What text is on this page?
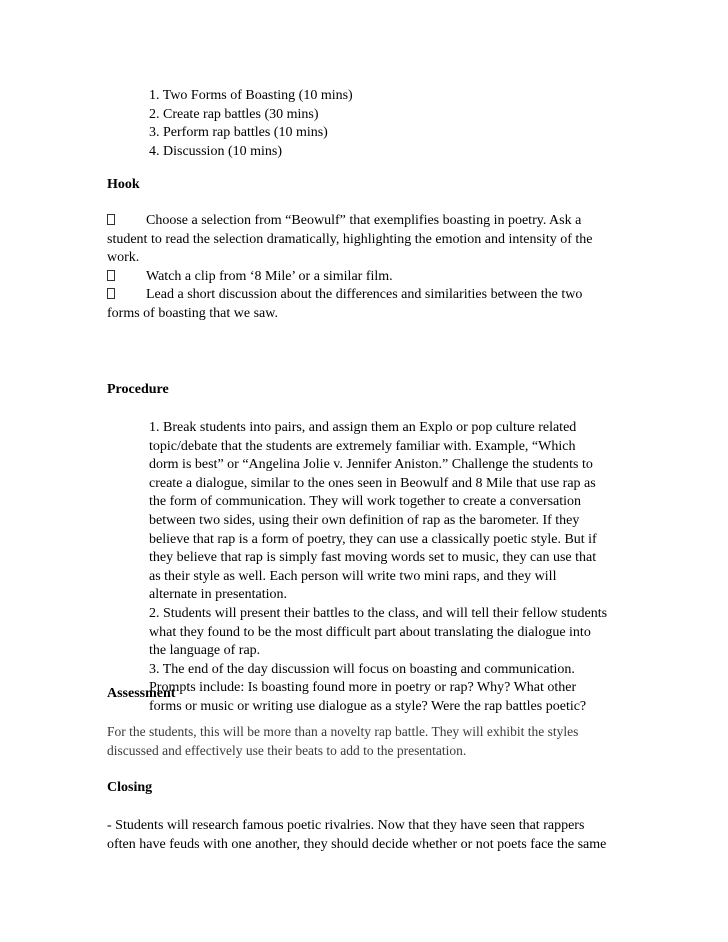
1. Two Forms of Boasting (10 mins)
2. Create rap battles (30 mins)
3. Perform rap battles (10 mins)
4. Discussion (10 mins)
Hook
Choose a selection from “Beowulf” that exemplifies boasting in poetry. Ask a
student to read the selection dramatically, highlighting the emotion and intensity of the
work.
Watch a clip from ‘8 Mile’ or a similar film.
Lead a short discussion about the differences and similarities between the two
forms of boasting that we saw.
Procedure
1. Break students into pairs, and assign them an Explo or pop culture related
topic/debate that the students are extremely familiar with. Example, “Which
dorm is best” or “Angelina Jolie v. Jennifer Aniston.” Challenge the students to
create a dialogue, similar to the ones seen in Beowulf and 8 Mile that use rap as
the form of communication. They will work together to create a conversation
between two sides, using their own definition of rap as the barometer. If they
believe that rap is a form of poetry, they can use a classically poetic style. But if
they believe that rap is simply fast moving words set to music, they can use that
as their style as well. Each person will write two mini raps, and they will
alternate in presentation.
2. Students will present their battles to the class, and will tell their fellow students
what they found to be the most difficult part about translating the dialogue into
the language of rap.
3. The end of the day discussion will focus on boasting and communication.
Prompts include: Is boasting found more in poetry or rap? Why? What other
forms or music or writing use dialogue as a style? Were the rap battles poetic?
Assessment
For the students, this will be more than a novelty rap battle. They will exhibit the styles
discussed and effectively use their beats to add to the presentation.
Closing
- Students will research famous poetic rivalries. Now that they have seen that rappers
often have feuds with one another, they should decide whether or not poets face the same
